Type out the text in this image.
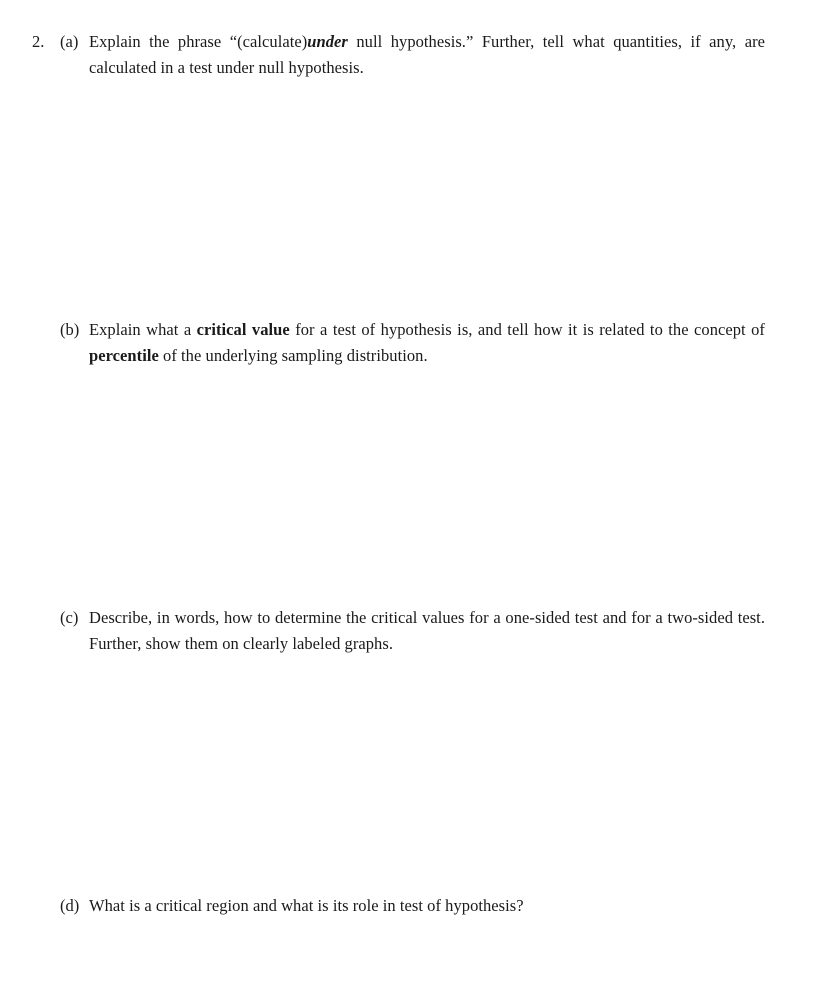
2. (a) Explain the phrase “(calculate)under null hypothesis.” Further, tell what quantities, if any, are calculated in a test under null hypothesis.
(b) Explain what a critical value for a test of hypothesis is, and tell how it is related to the concept of percentile of the underlying sampling distribution.
(c) Describe, in words, how to determine the critical values for a one-sided test and for a two-sided test. Further, show them on clearly labeled graphs.
(d) What is a critical region and what is its role in test of hypothesis?
